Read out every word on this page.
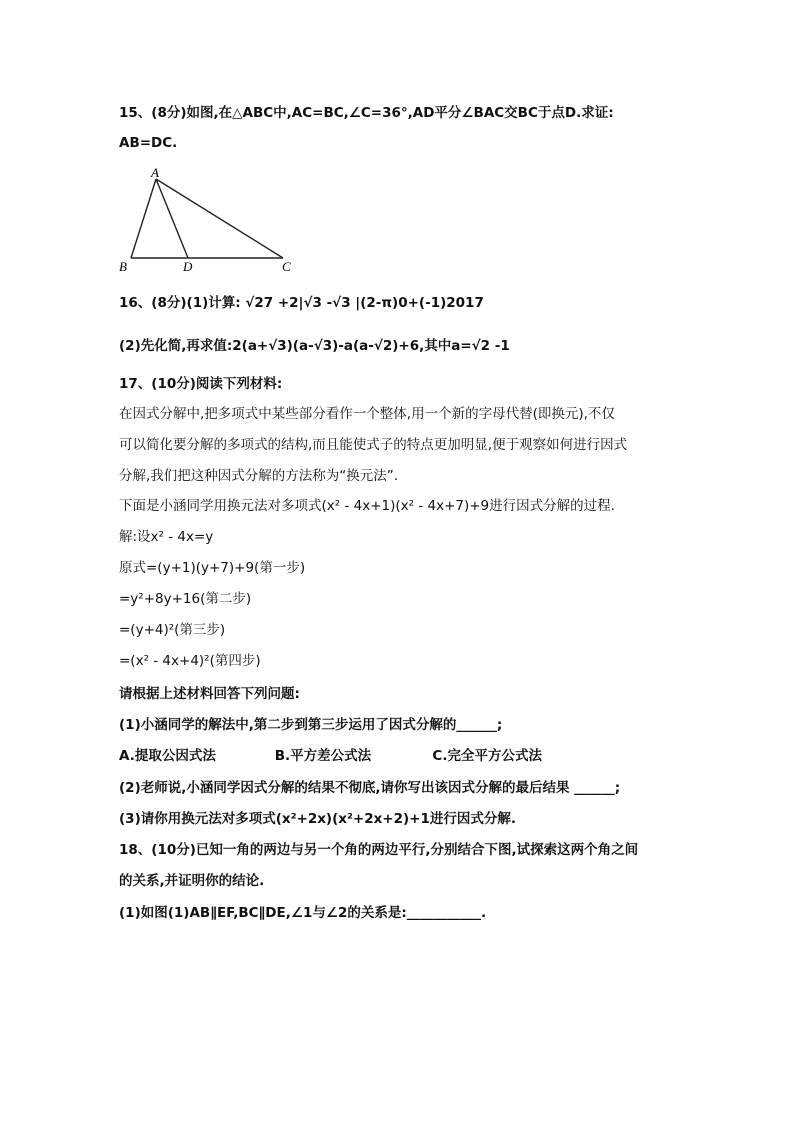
15、(8分)如图,在△ABC中,AC=BC,∠C=36°,AD平分∠BAC交BC于点D.求证:
AB=DC.
A
B	D	C
16、(8分)(1)计算: √27 +2|√3 -√3 |(2-π)0+(-1)2017
(2)先化简,再求值:2(a+√3)(a-√3)-a(a-√2)+6,其中a=√2 -1
17、(10分)阅读下列材料:
在因式分解中,把多项式中某些部分看作一个整体,用一个新的字母代替(即换元),不仅
可以简化要分解的多项式的结构,而且能使式子的特点更加明显,便于观察如何进行因式
分解,我们把这种因式分解的方法称为“换元法”.
下面是小涵同学用换元法对多项式(x² - 4x+1)(x² - 4x+7)+9进行因式分解的过程.
解:设x² - 4x=y
原式=(y+1)(y+7)+9(第一步)
=y²+8y+16(第二步)
=(y+4)²(第三步)
=(x² - 4x+4)²(第四步)
请根据上述材料回答下列问题:
(1)小涵同学的解法中,第二步到第三步运用了因式分解的______;
A.提取公因式法	B.平方差公式法	C.完全平方公式法
(2)老师说,小涵同学因式分解的结果不彻底,请你写出该因式分解的最后结果 ______;
(3)请你用换元法对多项式(x²+2x)(x²+2x+2)+1进行因式分解.
18、(10分)已知一角的两边与另一个角的两边平行,分别结合下图,试探索这两个角之间
的关系,并证明你的结论.
(1)如图(1)AB∥EF,BC∥DE,∠1与∠2的关系是:___________.
